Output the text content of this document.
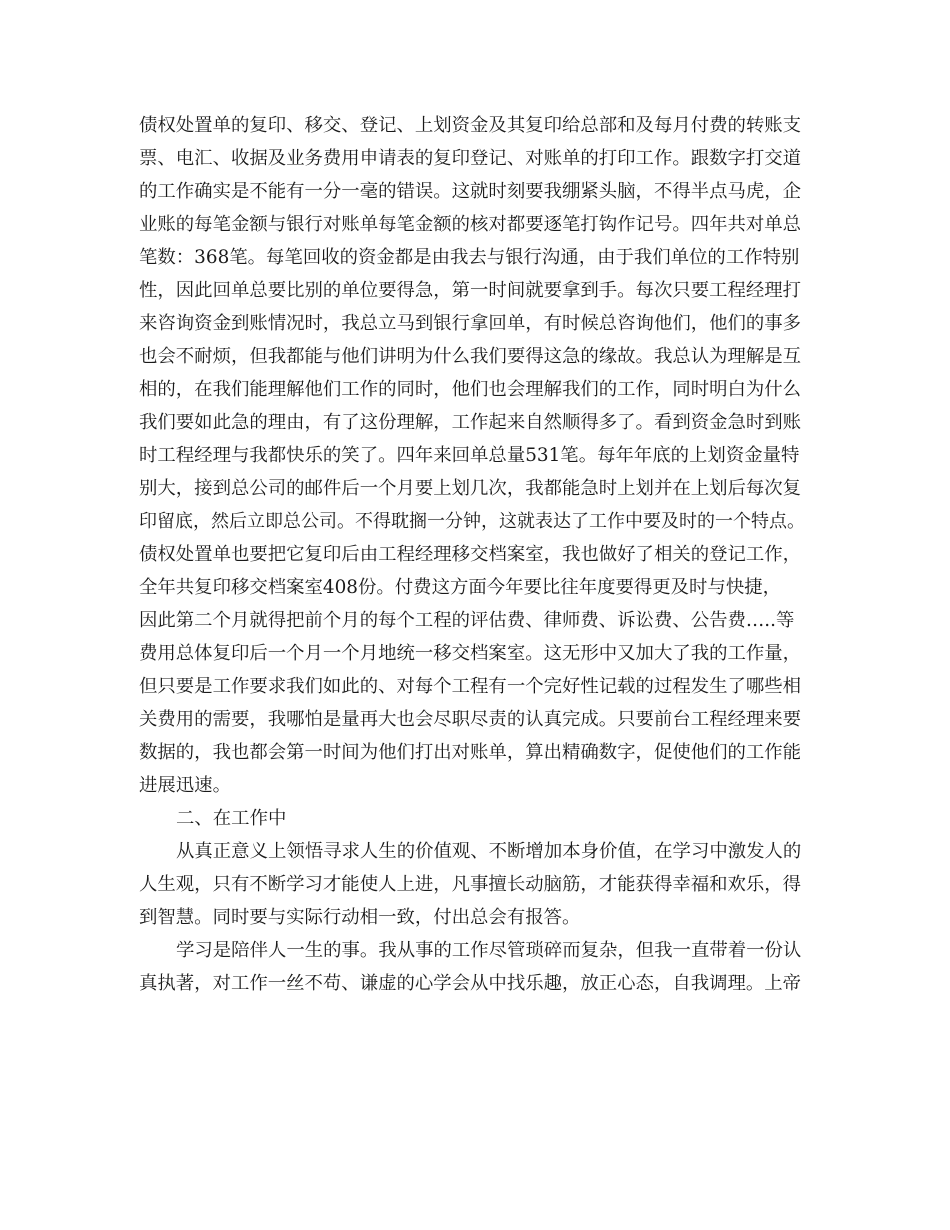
债权处置单的复印、移交、登记、上划资金及其复印给总部和及每月付费的转账支
票、电汇、收据及业务费用申请表的复印登记、对账单的打印工作。跟数字打交道
的工作确实是不能有一分一毫的错误。这就时刻要我绷紧头脑，不得半点马虎，企
业账的每笔金额与银行对账单每笔金额的核对都要逐笔打钩作记号。四年共对单总
笔数：368笔。每笔回收的资金都是由我去与银行沟通，由于我们单位的工作特别
性，因此回单总要比别的单位要得急，第一时间就要拿到手。每次只要工程经理打
来咨询资金到账情况时，我总立马到银行拿回单，有时候总咨询他们，他们的事多
也会不耐烦，但我都能与他们讲明为什么我们要得这急的缘故。我总认为理解是互
相的，在我们能理解他们工作的同时，他们也会理解我们的工作，同时明白为什么
我们要如此急的理由，有了这份理解，工作起来自然顺得多了。看到资金急时到账
时工程经理与我都快乐的笑了。四年来回单总量531笔。每年年底的上划资金量特
别大，接到总公司的邮件后一个月要上划几次，我都能急时上划并在上划后每次复
印留底，然后立即总公司。不得耽搁一分钟，这就表达了工作中要及时的一个特点。
债权处置单也要把它复印后由工程经理移交档案室，我也做好了相关的登记工作，
全年共复印移交档案室408份。付费这方面今年要比往年度要得更及时与快捷，
因此第二个月就得把前个月的每个工程的评估费、律师费、诉讼费、公告费…..等
费用总体复印后一个月一个月地统一移交档案室。这无形中又加大了我的工作量，
但只要是工作要求我们如此的、对每个工程有一个完好性记载的过程发生了哪些相
关费用的需要，我哪怕是量再大也会尽职尽责的认真完成。只要前台工程经理来要
数据的，我也都会第一时间为他们打出对账单，算出精确数字，促使他们的工作能
进展迅速。
二、在工作中
从真正意义上领悟寻求人生的价值观、不断增加本身价值，在学习中激发人的
人生观，只有不断学习才能使人上进，凡事擅长动脑筋，才能获得幸福和欢乐，得
到智慧。同时要与实际行动相一致，付出总会有报答。
学习是陪伴人一生的事。我从事的工作尽管琐碎而复杂，但我一直带着一份认
真执著，对工作一丝不苟、谦虚的心学会从中找乐趣，放正心态，自我调理。上帝
